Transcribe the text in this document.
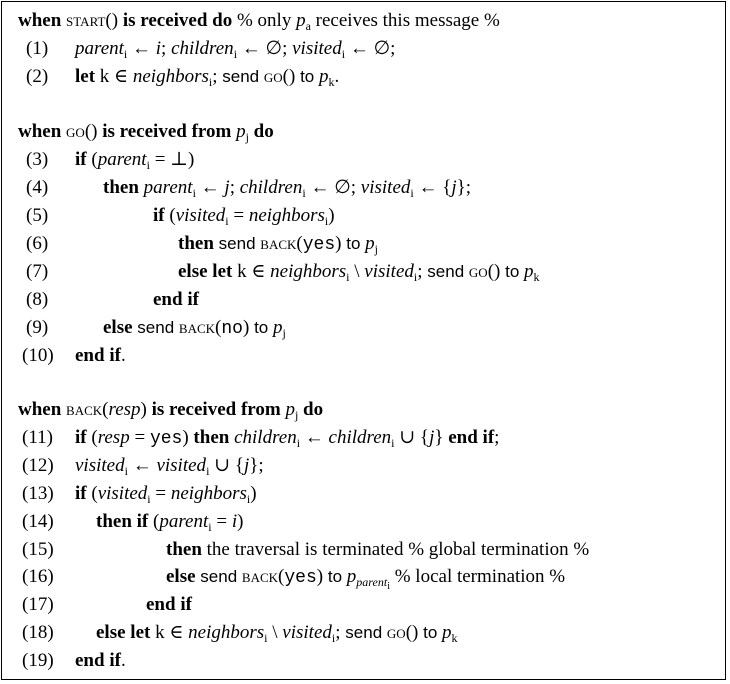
when start() is received do % only $p_a$ receives this message %
(1) parent$_i$ ← i; children$_i$ ← ∅; visited$_i$ ← ∅;
(2) let k ∈ neighbors$_i$; send go() to $p_k$.
when go() is received from $p_j$ do
(3) if (parent$_i$ = ⊥)
(4)	then parent$_i$ ← j; children$_i$ ← ∅; visited$_i$ ← {j};
(5)	if (visited$_i$ = neighbors$_i$)
(6)	then send back(yes) to $p_j$
(7)	else let k ∈ neighbors$_i$ \ visited$_i$; send go() to $p_k$
(8)	end if
(9)	else send back(no) to $p_j$
(10) end if.
when back(resp) is received from $p_j$ do
(11) if (resp = yes) then children$_i$ ← children$_i$ ∪ {j} end if;
(12) visited$_i$ ← visited$_i$ ∪ {j};
(13) if (visited$_i$ = neighbors$_i$)
(14) then if (parent$_i$ = i)
(15)	then the traversal is terminated % global termination %
(16)	else send back(yes) to $p_{parent_i}$ % local termination %
(17)	end if
(18) else let k ∈ neighbors$_i$ \ visited$_i$; send go() to $p_k$
(19) end if.
